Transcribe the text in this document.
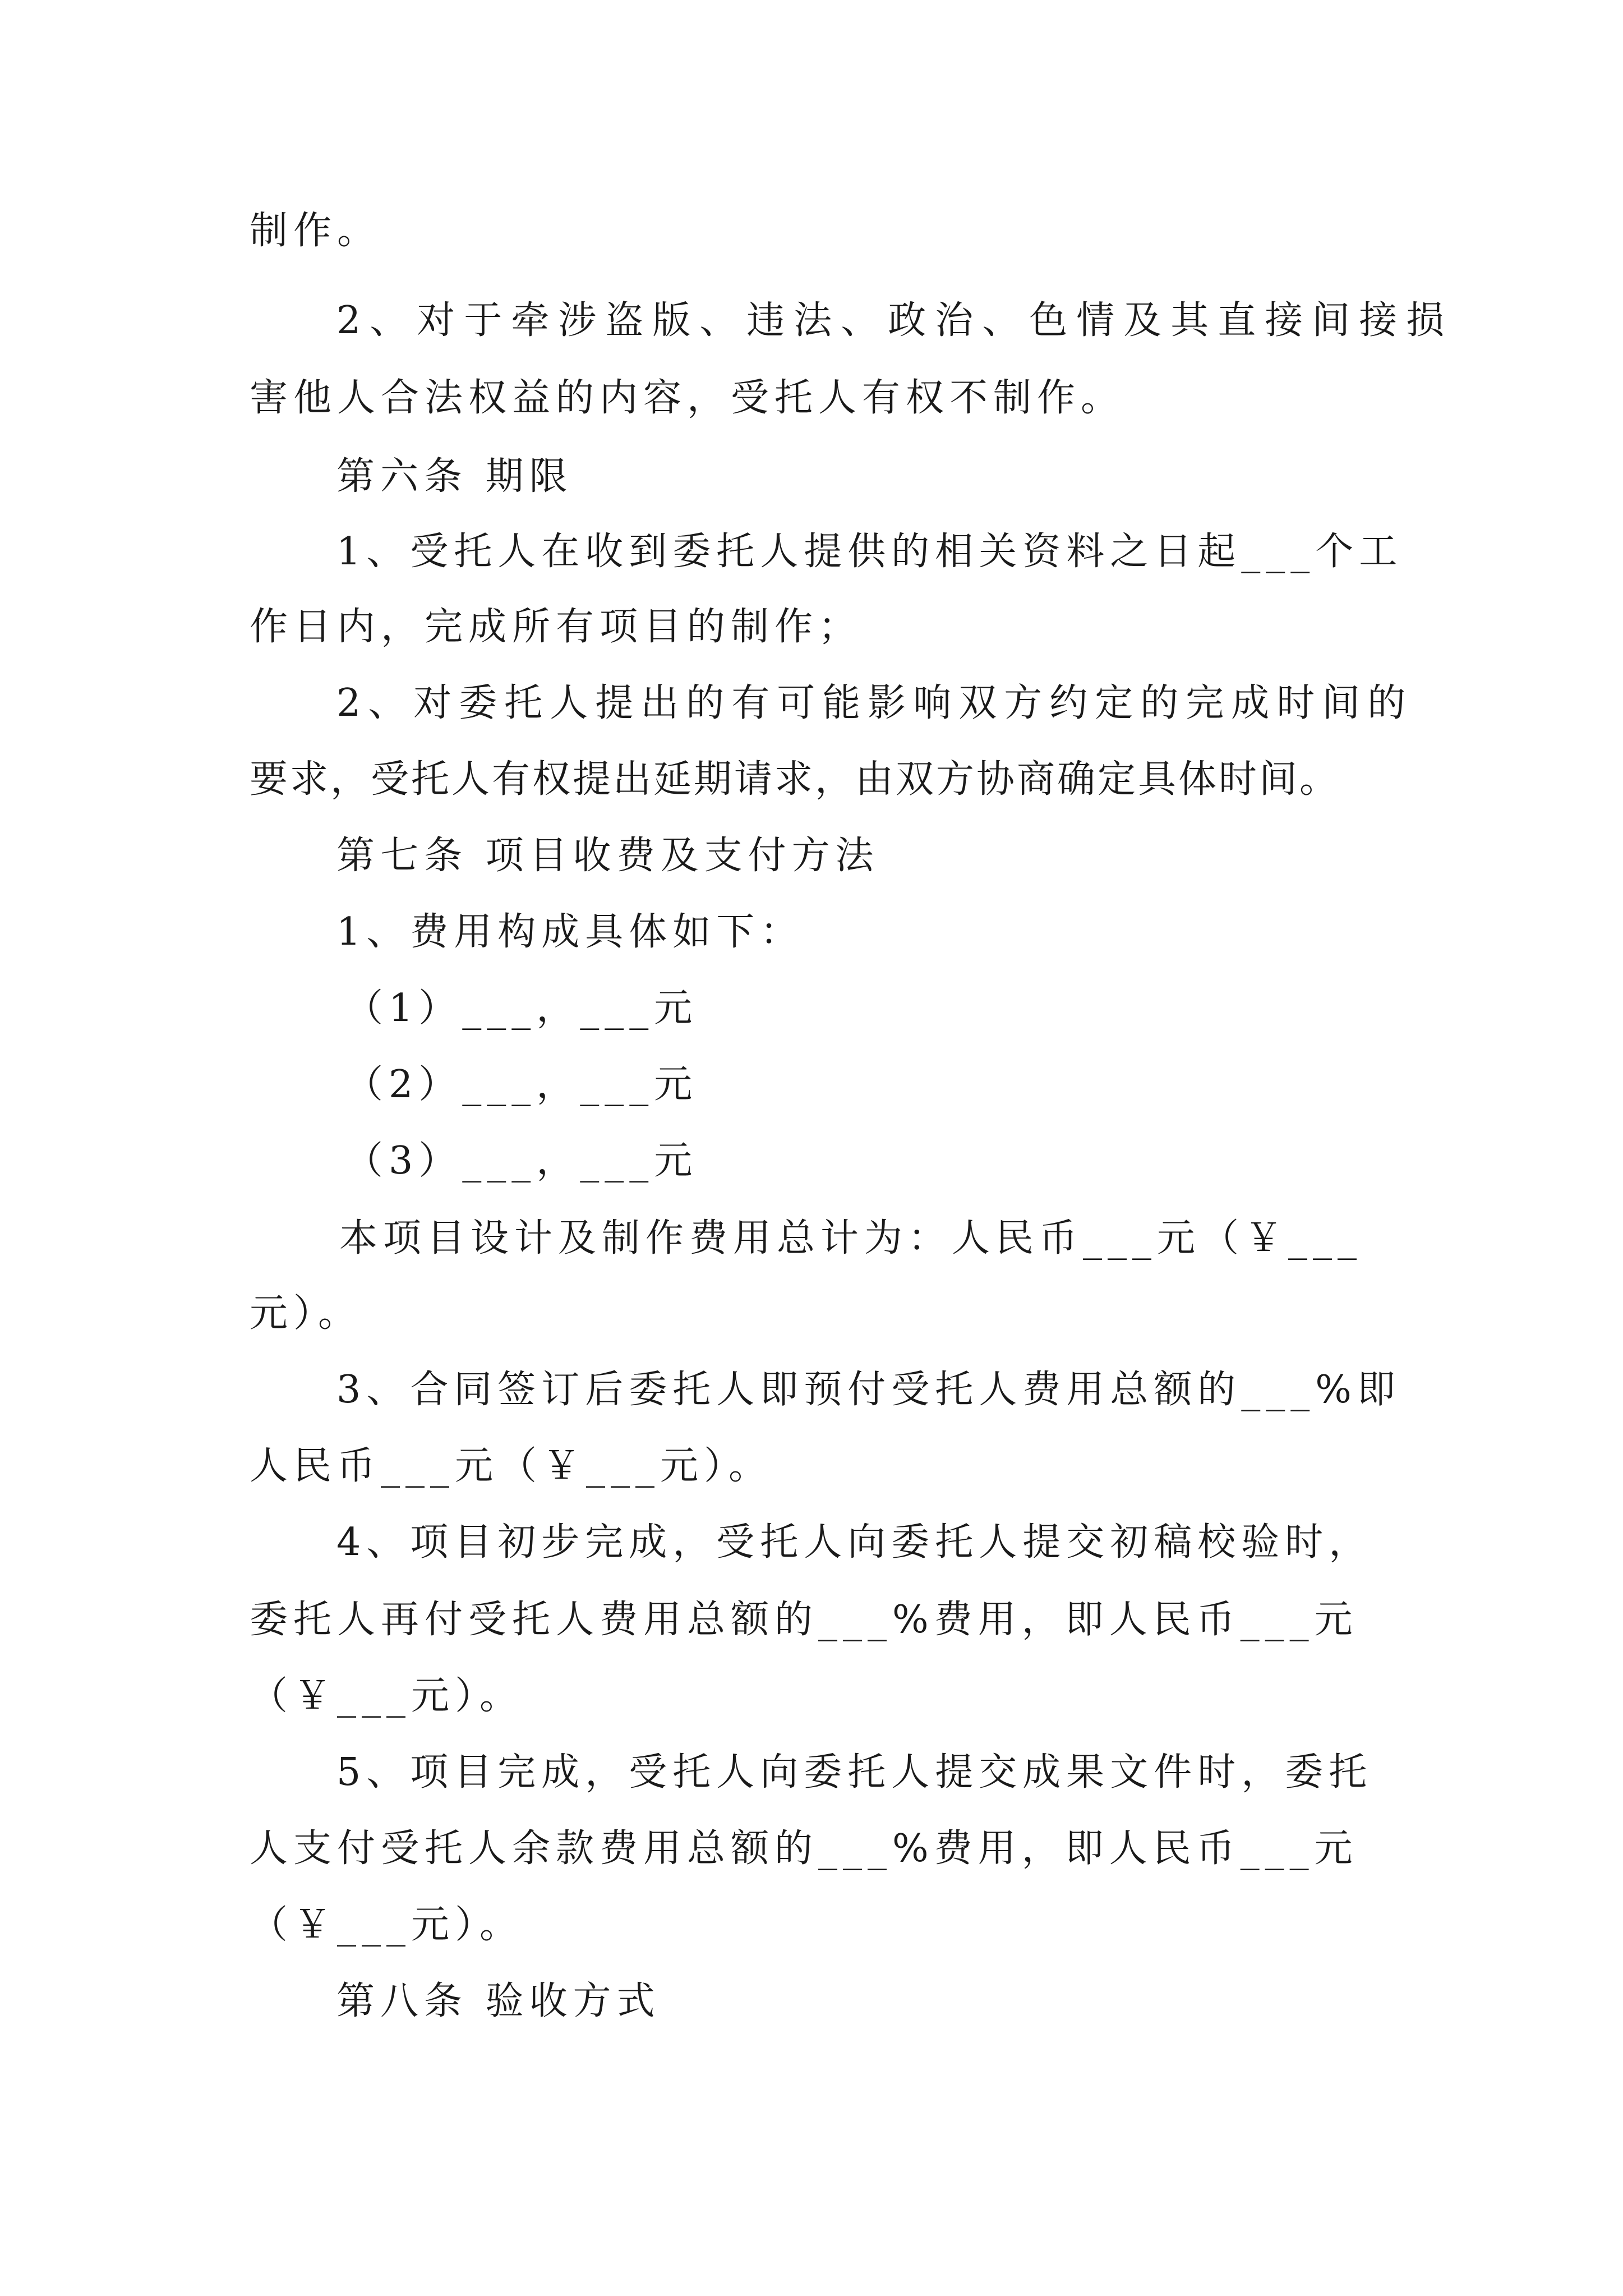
制作。

2、对于牵涉盗版、违法、政治、色情及其直接间接损

害他人合法权益的内容，受托人有权不制作。

第六条 期限

1、受托人在收到委托人提供的相关资料之日起___个工

作日内，完成所有项目的制作；

2、对委托人提出的有可能影响双方约定的完成时间的

要求，受托人有权提出延期请求，由双方协商确定具体时间。

第七条 项目收费及支付方法

1、费用构成具体如下：

（1）___，___元

（2）___，___元

（3）___，___元

本项目设计及制作费用总计为：人民币___元（￥___

元）。

3、合同签订后委托人即预付受托人费用总额的___%即

人民币___元（￥___元）。

4、项目初步完成，受托人向委托人提交初稿校验时，

委托人再付受托人费用总额的___%费用，即人民币___元

（￥___元）。

5、项目完成，受托人向委托人提交成果文件时，委托

人支付受托人余款费用总额的___%费用，即人民币___元

（￥___元）。

第八条 验收方式
